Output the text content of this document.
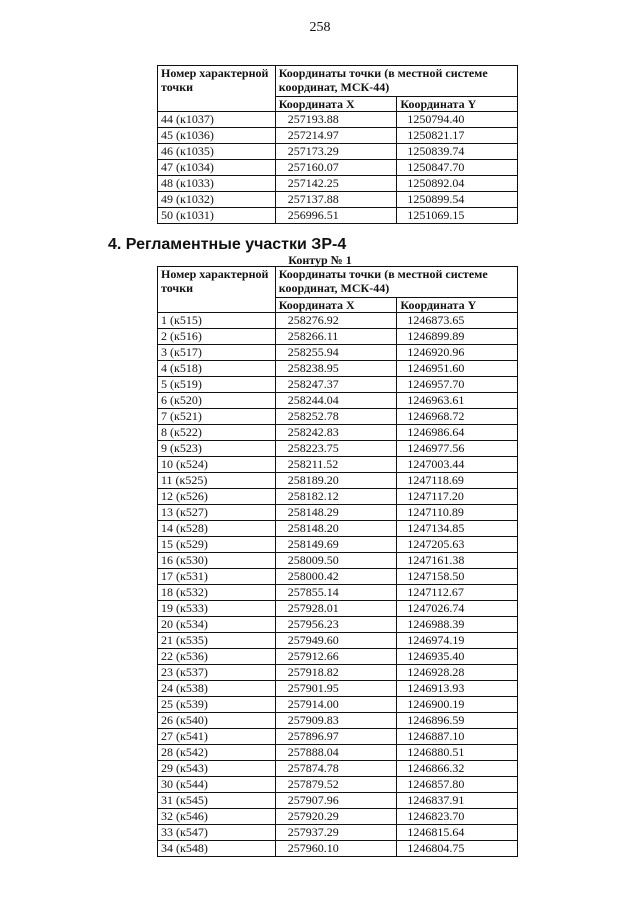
258
Номер характерной точки	Координаты точки (в местной системе координат, МСК-44)	
	Координата X	Координата Y
44 (к1037)	257193.88	1250794.40
45 (к1036)	257214.97	1250821.17
46 (к1035)	257173.29	1250839.74
47 (к1034)	257160.07	1250847.70
48 (к1033)	257142.25	1250892.04
49 (к1032)	257137.88	1250899.54
50 (к1031)	256996.51	1251069.15
4. Регламентные участки ЗР-4
Контур № 1
Номер характерной точки	Координаты точки (в местной системе координат, МСК-44)	
	Координата X	Координата Y
1 (к515)	258276.92	1246873.65
2 (к516)	258266.11	1246899.89
3 (к517)	258255.94	1246920.96
4 (к518)	258238.95	1246951.60
5 (к519)	258247.37	1246957.70
6 (к520)	258244.04	1246963.61
7 (к521)	258252.78	1246968.72
8 (к522)	258242.83	1246986.64
9 (к523)	258223.75	1246977.56
10 (к524)	258211.52	1247003.44
11 (к525)	258189.20	1247118.69
12 (к526)	258182.12	1247117.20
13 (к527)	258148.29	1247110.89
14 (к528)	258148.20	1247134.85
15 (к529)	258149.69	1247205.63
16 (к530)	258009.50	1247161.38
17 (к531)	258000.42	1247158.50
18 (к532)	257855.14	1247112.67
19 (к533)	257928.01	1247026.74
20 (к534)	257956.23	1246988.39
21 (к535)	257949.60	1246974.19
22 (к536)	257912.66	1246935.40
23 (к537)	257918.82	1246928.28
24 (к538)	257901.95	1246913.93
25 (к539)	257914.00	1246900.19
26 (к540)	257909.83	1246896.59
27 (к541)	257896.97	1246887.10
28 (к542)	257888.04	1246880.51
29 (к543)	257874.78	1246866.32
30 (к544)	257879.52	1246857.80
31 (к545)	257907.96	1246837.91
32 (к546)	257920.29	1246823.70
33 (к547)	257937.29	1246815.64
34 (к548)	257960.10	1246804.75
